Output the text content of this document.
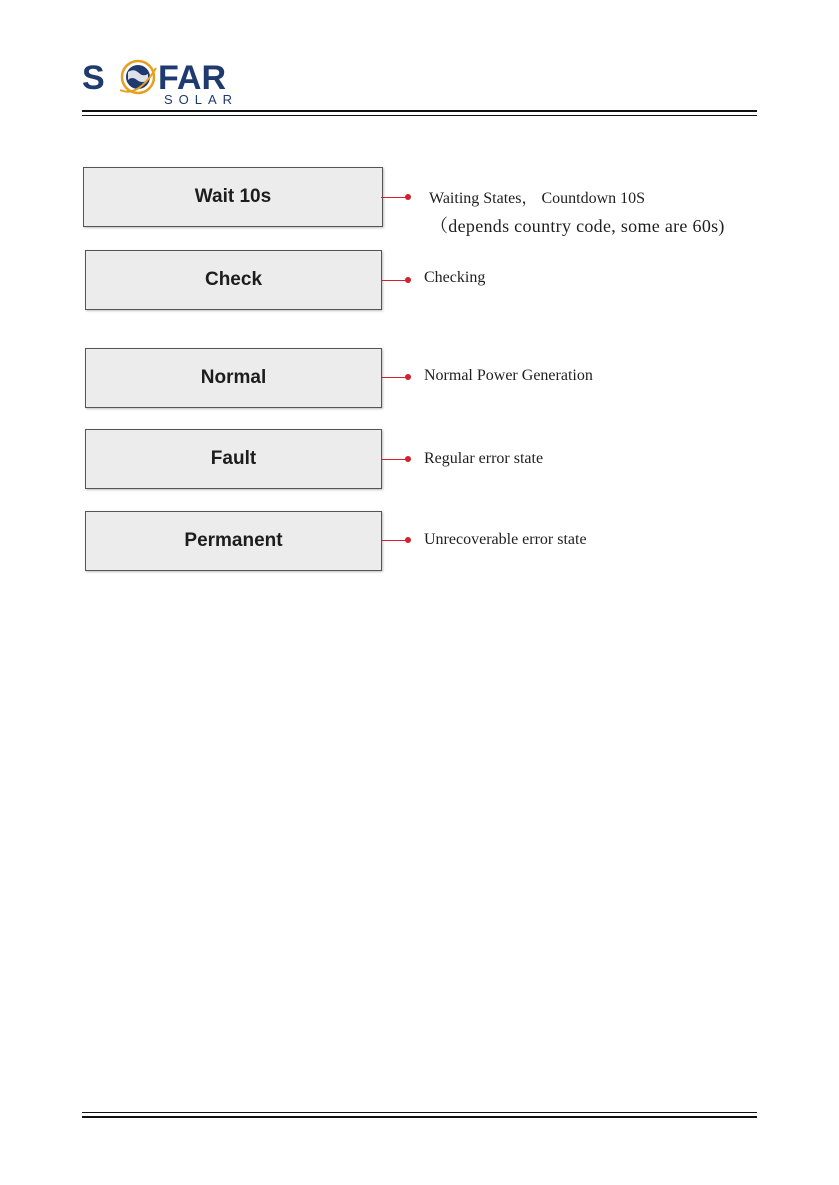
S FAR
SOLAR
Wait 10s	Waiting States， Countdown 10S
（depends country code, some are 60s)
Check	Checking
Normal	Normal Power Generation
Fault	Regular error state
Permanent	Unrecoverable error state
